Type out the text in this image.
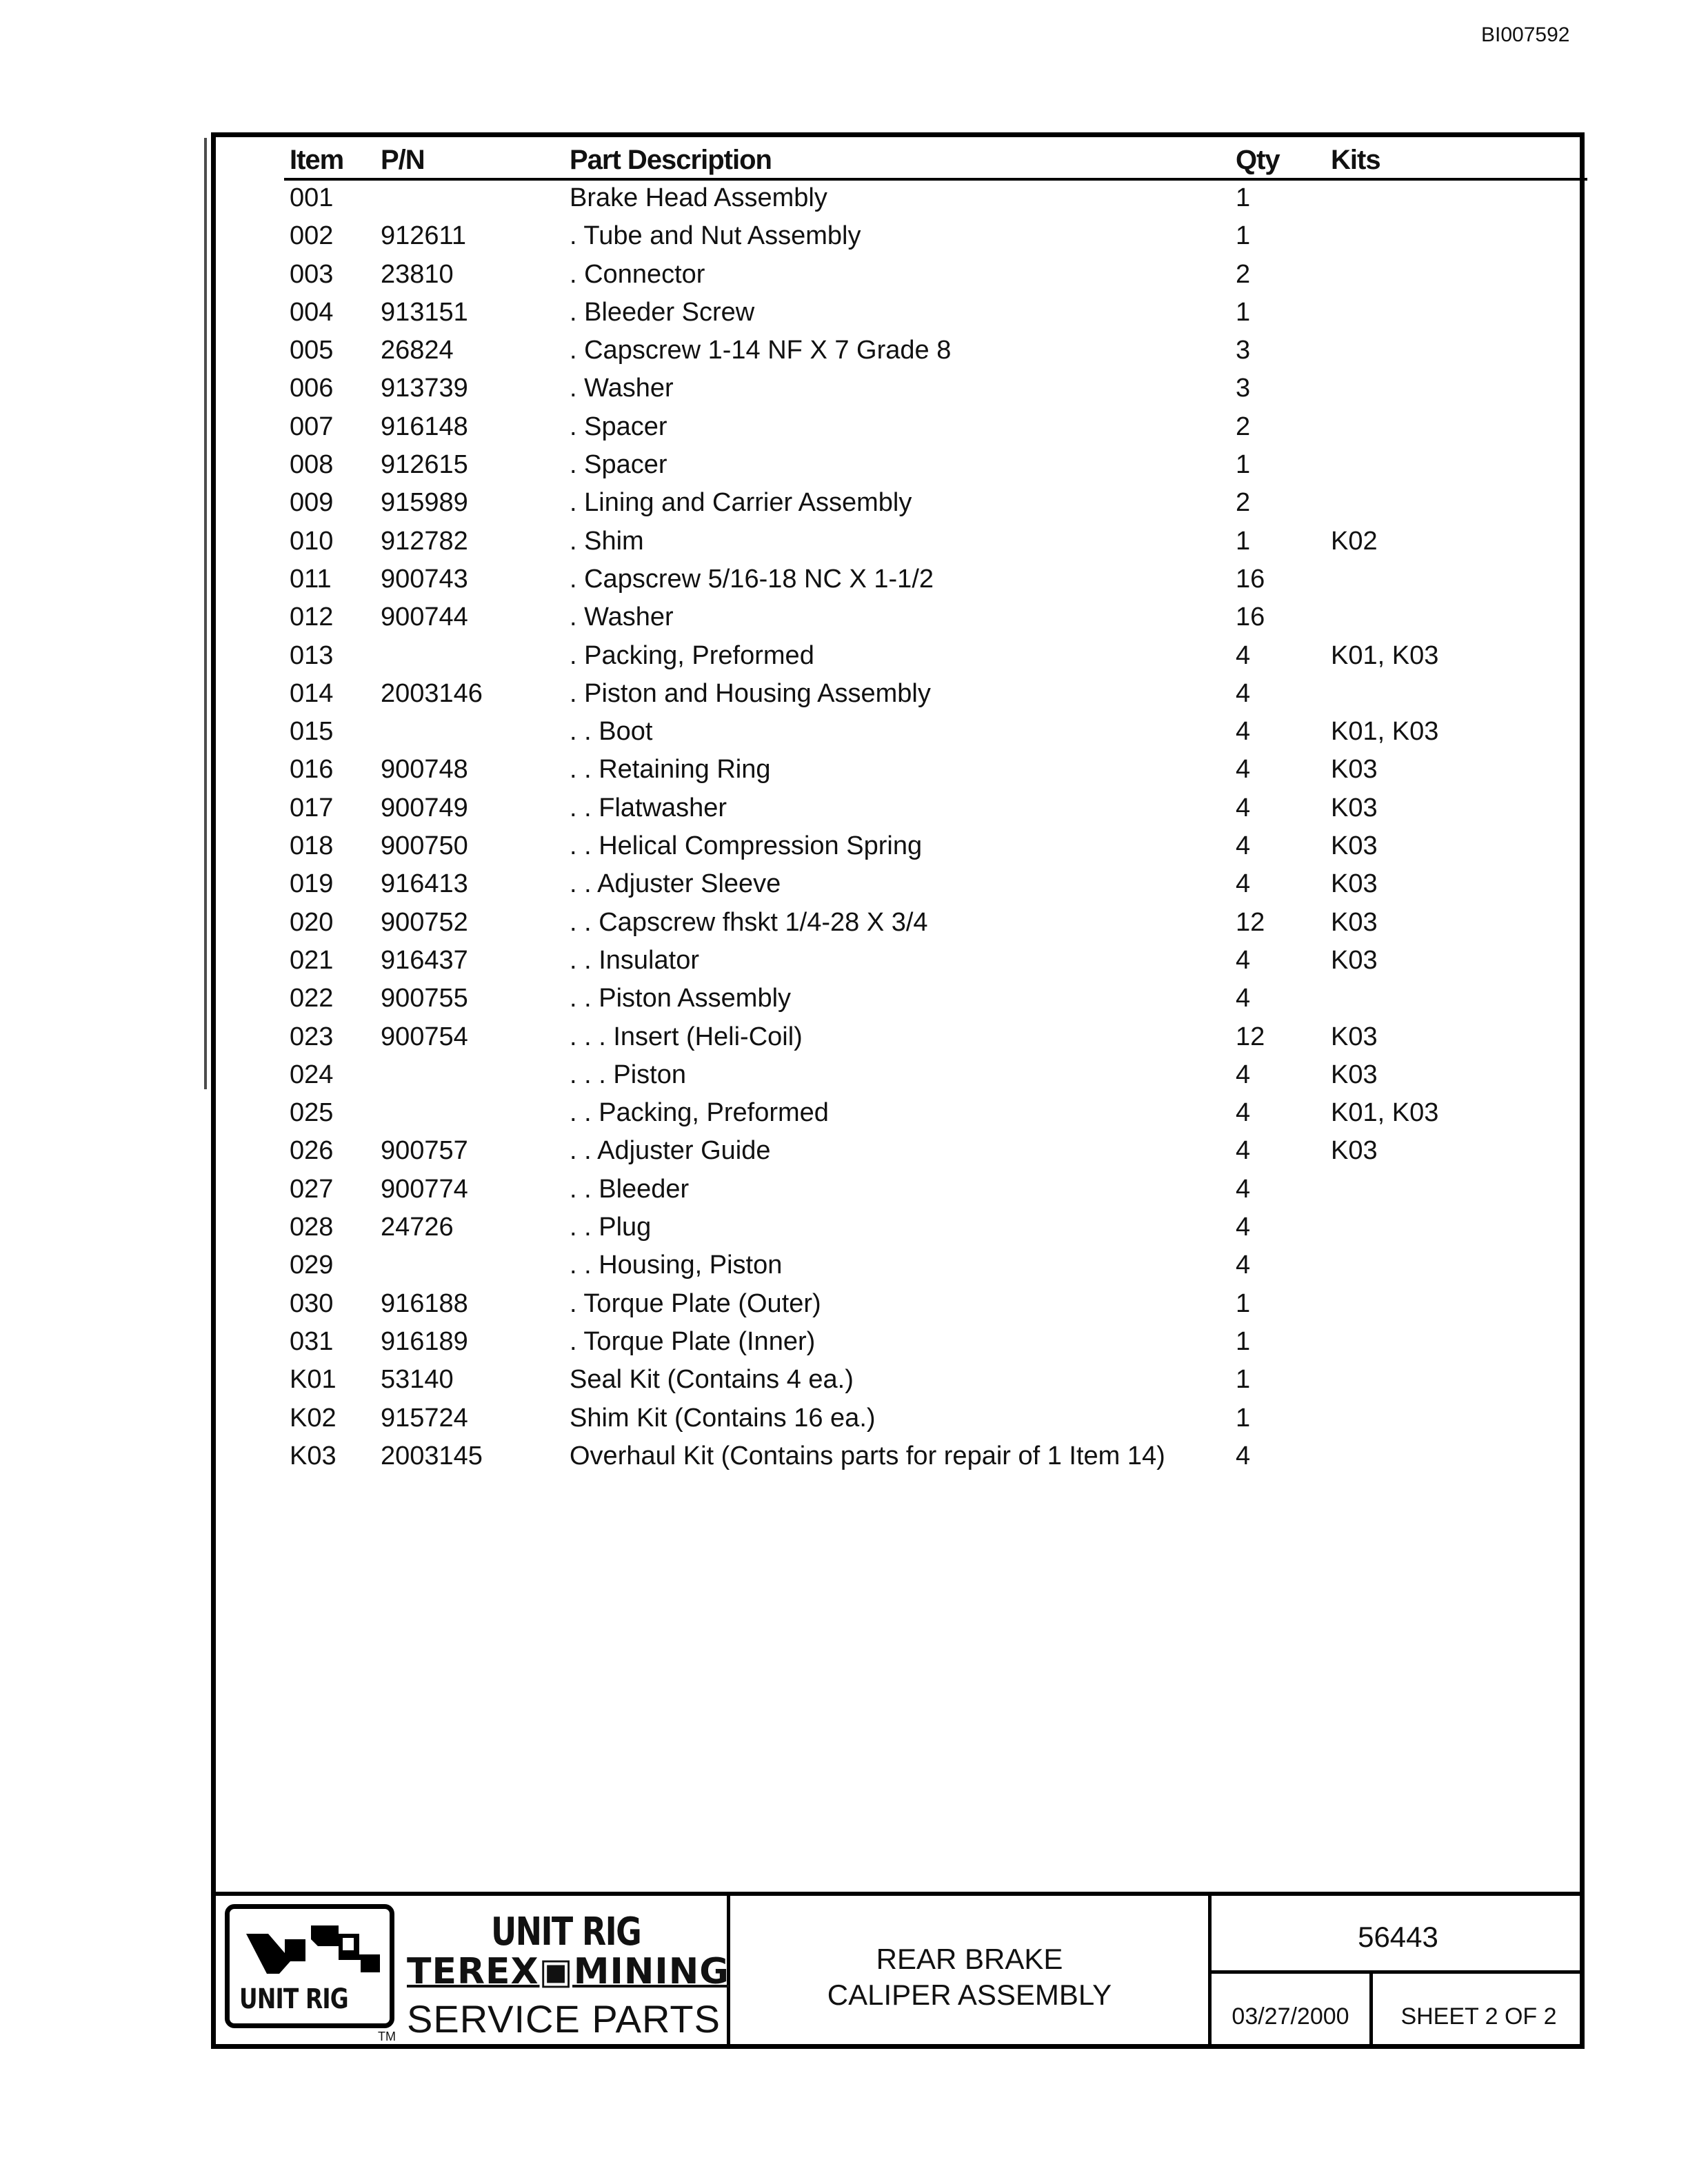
BI007592
Item P/N	Part Description	Qty Kits
001	Brake Head Assembly	1
002 912611	. Tube and Nut Assembly	1
003 23810	. Connector	2
004 913151	. Bleeder Screw	1
005 26824	. Capscrew 1-14 NF X 7 Grade 8	3
006 913739	. Washer	3
007 916148	. Spacer	2
008 912615	. Spacer	1
009 915989	. Lining and Carrier Assembly	2
010 912782	. Shim	1	K02
011 900743	. Capscrew 5/16-18 NC X 1-1/2	16
012 900744	. Washer	16
013	. Packing, Preformed	4	K01, K03
014 2003146	. Piston and Housing Assembly	4
015	. . Boot	4	K01, K03
016 900748	. . Retaining Ring	4	K03
017 900749	. . Flatwasher	4	K03
018 900750	. . Helical Compression Spring	4	K03
019 916413	. . Adjuster Sleeve	4	K03
020 900752	. . Capscrew fhskt 1/4-28 X 3/4	12	K03
021 916437	. . Insulator	4	K03
022 900755	. . Piston Assembly	4
023 900754	. . . Insert (Heli-Coil)	12	K03
024	. . . Piston	4	K03
025	. . Packing, Preformed	4	K01, K03
026 900757	. . Adjuster Guide	4	K03
027 900774	. . Bleeder	4
028 24726	. . Plug	4
029	. . Housing, Piston	4
030 916188	. Torque Plate (Outer)	1
031 916189	. Torque Plate (Inner)	1
K01 53140	Seal Kit (Contains 4 ea.)	1
K02 915724	Shim Kit (Contains 16 ea.)	1
K03 2003145	Overhaul Kit (Contains parts for repair of 1 Item 14)	4
UNIT RIG
TM
UNIT RIG
TEREX▣MINING
SERVICE PARTS
REAR BRAKE
CALIPER ASSEMBLY
56443
03/27/2000	SHEET 2 OF 2
